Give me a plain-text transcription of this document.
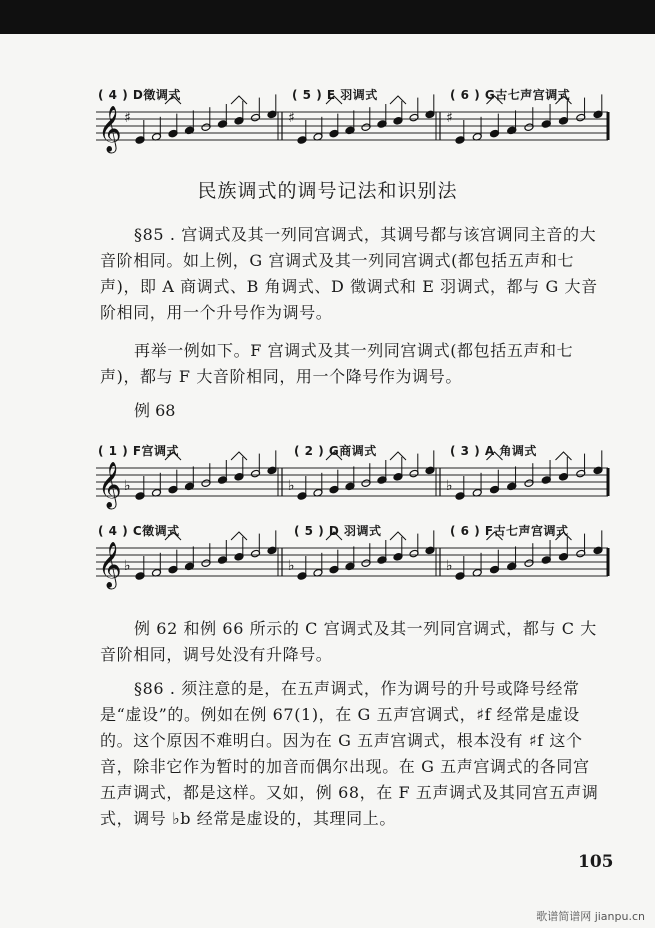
( 4 ) D徵调式	( 5 ) E 羽调式	( 6 ) G古七声宫调式
𝄞 ♯	♯	♯
民族调式的调号记法和识别法

§85 . 宫调式及其一列同宫调式，其调号都与该宫调同主音的大音阶相同。如上例，G 宫调式及其一列同宫调式(都包括五声和七声)，即 A 商调式、B 角调式、D 徵调式和 E 羽调式，都与 G 大音阶相同，用一个升号作为调号。

再举一例如下。F 宫调式及其一列同宫调式(都包括五声和七声)，都与 F 大音阶相同，用一个降号作为调号。

例 68
( 1 ) F宫调式	( 2 ) G商调式	( 3 ) A 角调式
𝄞 ♭	♭	♭
( 4 ) C徵调式	( 5 ) D 羽调式	( 6 ) F古七声宫调式
𝄞 ♭	♭	♭

例 62 和例 66 所示的 C 宫调式及其一列同宫调式，都与 C 大音阶相同，调号处没有升降号。

§86 . 须注意的是，在五声调式，作为调号的升号或降号经常是“虚设”的。例如在例 67(1)，在 G 五声宫调式，♯f 经常是虚设的。这个原因不难明白。因为在 G 五声宫调式，根本没有 ♯f 这个音，除非它作为暂时的加音而偶尔出现。在 G 五声宫调式的各同宫五声调式，都是这样。又如，例 68，在 F 五声调式及其同宫五声调式，调号 ♭b 经常是虚设的，其理同上。

105
歌谱简谱网 jianpu.cn
